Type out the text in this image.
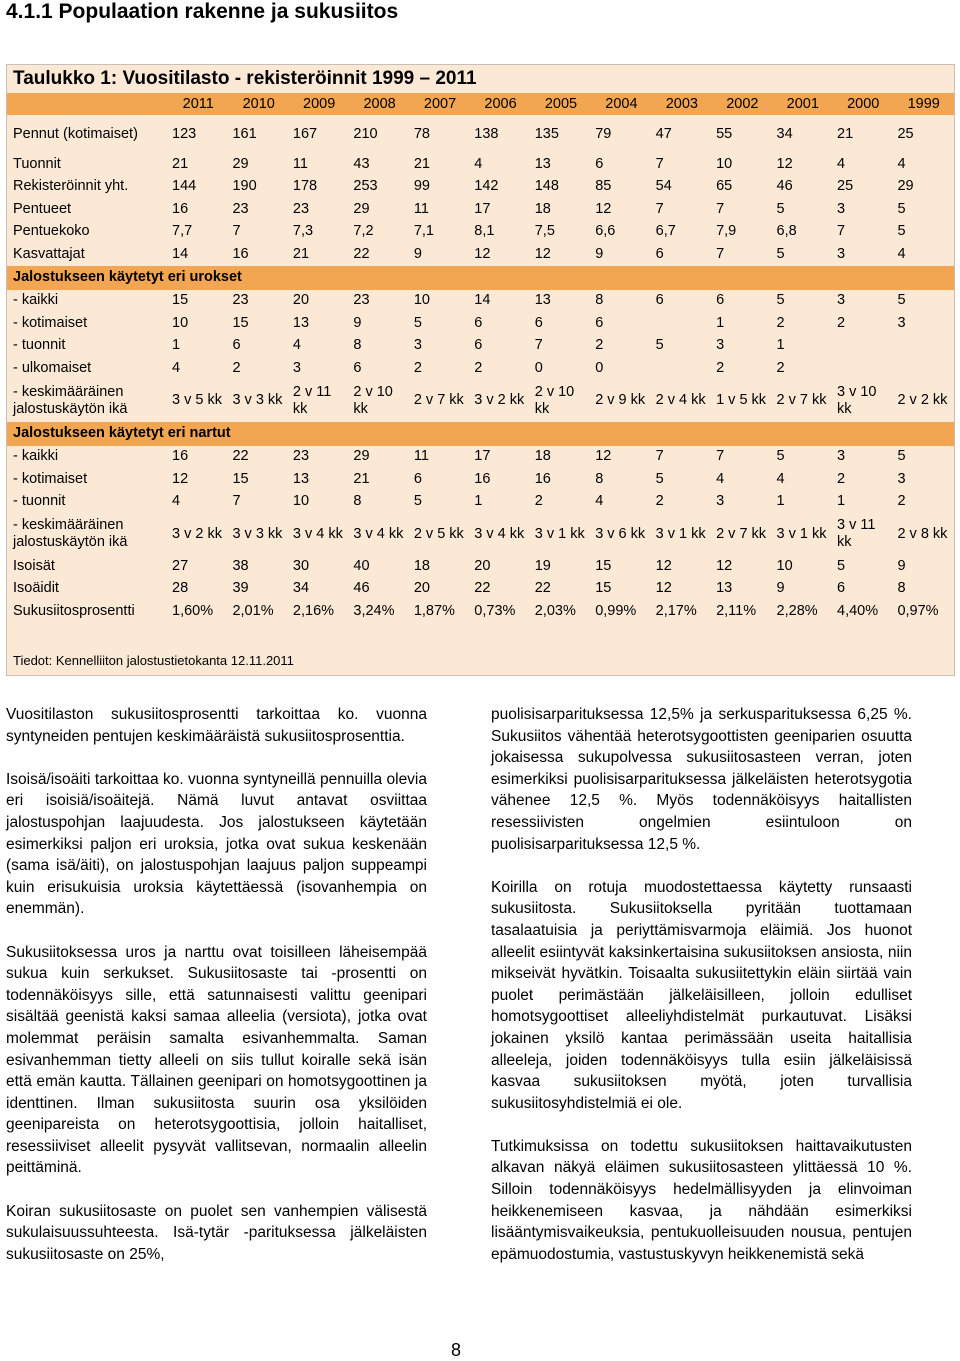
4.1.1 Populaation rakenne ja sukusiitos
Taulukko 1: Vuositilasto - rekisteröinnit 1999 – 2011
	2011	2010	2009	2008	2007	2006	2005	2004	2003	2002	2001	2000	1999
Pennut (kotimaiset)	123	161	167	210	78	138	135	79	47	55	34	21	25
Tuonnit	21	29	11	43	21	4	13	6	7	10	12	4	4
Rekisteröinnit yht.	144	190	178	253	99	142	148	85	54	65	46	25	29
Pentueet	16	23	23	29	11	17	18	12	7	7	5	3	5
Pentuekoko	7,7	7	7,3	7,2	7,1	8,1	7,5	6,6	6,7	7,9	6,8	7	5
Kasvattajat	14	16	21	22	9	12	12	9	6	7	5	3	4
Jalostukseen käytetyt eri urokset													
- kaikki	15	23	20	23	10	14	13	8	6	6	5	3	5
- kotimaiset	10	15	13	9	5	6	6	6		1	2	2	3
- tuonnit	1	6	4	8	3	6	7	2	5	3	1		
- ulkomaiset	4	2	3	6	2	2	0	0		2	2		
- keskimääräinen jalostuskäytön ikä	3 v 5 kk	3 v 3 kk	2 v 11 kk	2 v 10 kk	2 v 7 kk	3 v 2 kk	2 v 10 kk	2 v 9 kk	2 v 4 kk	1 v 5 kk	2 v 7 kk	3 v 10 kk	2 v 2 kk
Jalostukseen käytetyt eri nartut													
- kaikki	16	22	23	29	11	17	18	12	7	7	5	3	5
- kotimaiset	12	15	13	21	6	16	16	8	5	4	4	2	3
- tuonnit	4	7	10	8	5	1	2	4	2	3	1	1	2
- keskimääräinen jalostuskäytön ikä	3 v 2 kk	3 v 3 kk	3 v 4 kk	3 v 4 kk	2 v 5 kk	3 v 4 kk	3 v 1 kk	3 v 6 kk	3 v 1 kk	2 v 7 kk	3 v 1 kk	3 v 11 kk	2 v 8 kk
Isoisät	27	38	30	40	18	20	19	15	12	12	10	5	9
Isoäidit	28	39	34	46	20	22	22	15	12	13	9	6	8
Sukusiitosprosentti	1,60%	2,01%	2,16%	3,24%	1,87%	0,73%	2,03%	0,99%	2,17%	2,11%	2,28%	4,40%	0,97%
Tiedot: Kennelliiton jalostustietokanta 12.11.2011

Vuositilaston sukusiitosprosentti tarkoittaa ko. vuonna syntyneiden pentujen keskimääräistä sukusiitosprosenttia.

Isoisä/isoäiti tarkoittaa ko. vuonna syntyneillä pennuilla olevia eri isoisiä/isoäitejä. Nämä luvut antavat osviittaa jalostuspohjan laajuudesta. Jos jalostukseen käytetään esimerkiksi paljon eri uroksia, jotka ovat sukua keskenään (sama isä/äiti), on jalostuspohjan laajuus paljon suppeampi kuin erisukuisia uroksia käytettäessä (isovanhempia on enemmän).

Sukusiitoksessa uros ja narttu ovat toisilleen läheisempää sukua kuin serkukset. Sukusiitosaste tai -prosentti on todennäköisyys sille, että satunnaisesti valittu geenipari sisältää geenistä kaksi samaa alleelia (versiota), jotka ovat molemmat peräisin samalta esivanhemmalta. Saman esivanhemman tietty alleeli on siis tullut koiralle sekä isän että emän kautta. Tällainen geenipari on homotsygoottinen ja identtinen. Ilman sukusiitosta suurin osa yksilöiden geenipareista on heterotsygoottisia, jolloin haitalliset, resessiiviset alleelit pysyvät vallitsevan, normaalin alleelin peittäminä.

Koiran sukusiitosaste on puolet sen vanhempien välisestä sukulaisuussuhteesta. Isä-tytär -parituksessa jälkeläisten sukusiitosaste on 25%,

puolisisarparituksessa 12,5% ja serkusparituksessa 6,25 %. Sukusiitos vähentää heterotsygoottisten geeniparien osuutta jokaisessa sukupolvessa sukusiitosasteen verran, joten esimerkiksi puolisisarparituksessa jälkeläisten heterotsygotia vähenee 12,5 %. Myös todennäköisyys haitallisten resessiivisten ongelmien esiintuloon on puolisisarparituksessa 12,5 %.

Koirilla on rotuja muodostettaessa käytetty runsaasti sukusiitosta. Sukusiitoksella pyritään tuottamaan tasalaatuisia ja periyttämisvarmoja eläimiä. Jos huonot alleelit esiintyvät kaksinkertaisina sukusiitoksen ansiosta, niin mikseivät hyvätkin. Toisaalta sukusiitettykin eläin siirtää vain puolet perimästään jälkeläisilleen, jolloin edulliset homotsygoottiset alleeliyhdistelmät purkautuvat. Lisäksi jokainen yksilö kantaa perimässään useita haitallisia alleeleja, joiden todennäköisyys tulla esiin jälkeläisissä kasvaa sukusiitoksen myötä, joten turvallisia sukusiitosyhdistelmiä ei ole.

Tutkimuksissa on todettu sukusiitoksen haittavaikutusten alkavan näkyä eläimen sukusiitosasteen ylittäessä 10 %. Silloin todennäköisyys hedelmällisyyden ja elinvoiman heikkenemiseen kasvaa, ja nähdään esimerkiksi lisääntymisvaikeuksia, pentukuolleisuuden nousua, pentujen epämuodostumia, vastustuskyvyn heikkenemistä sekä

8
